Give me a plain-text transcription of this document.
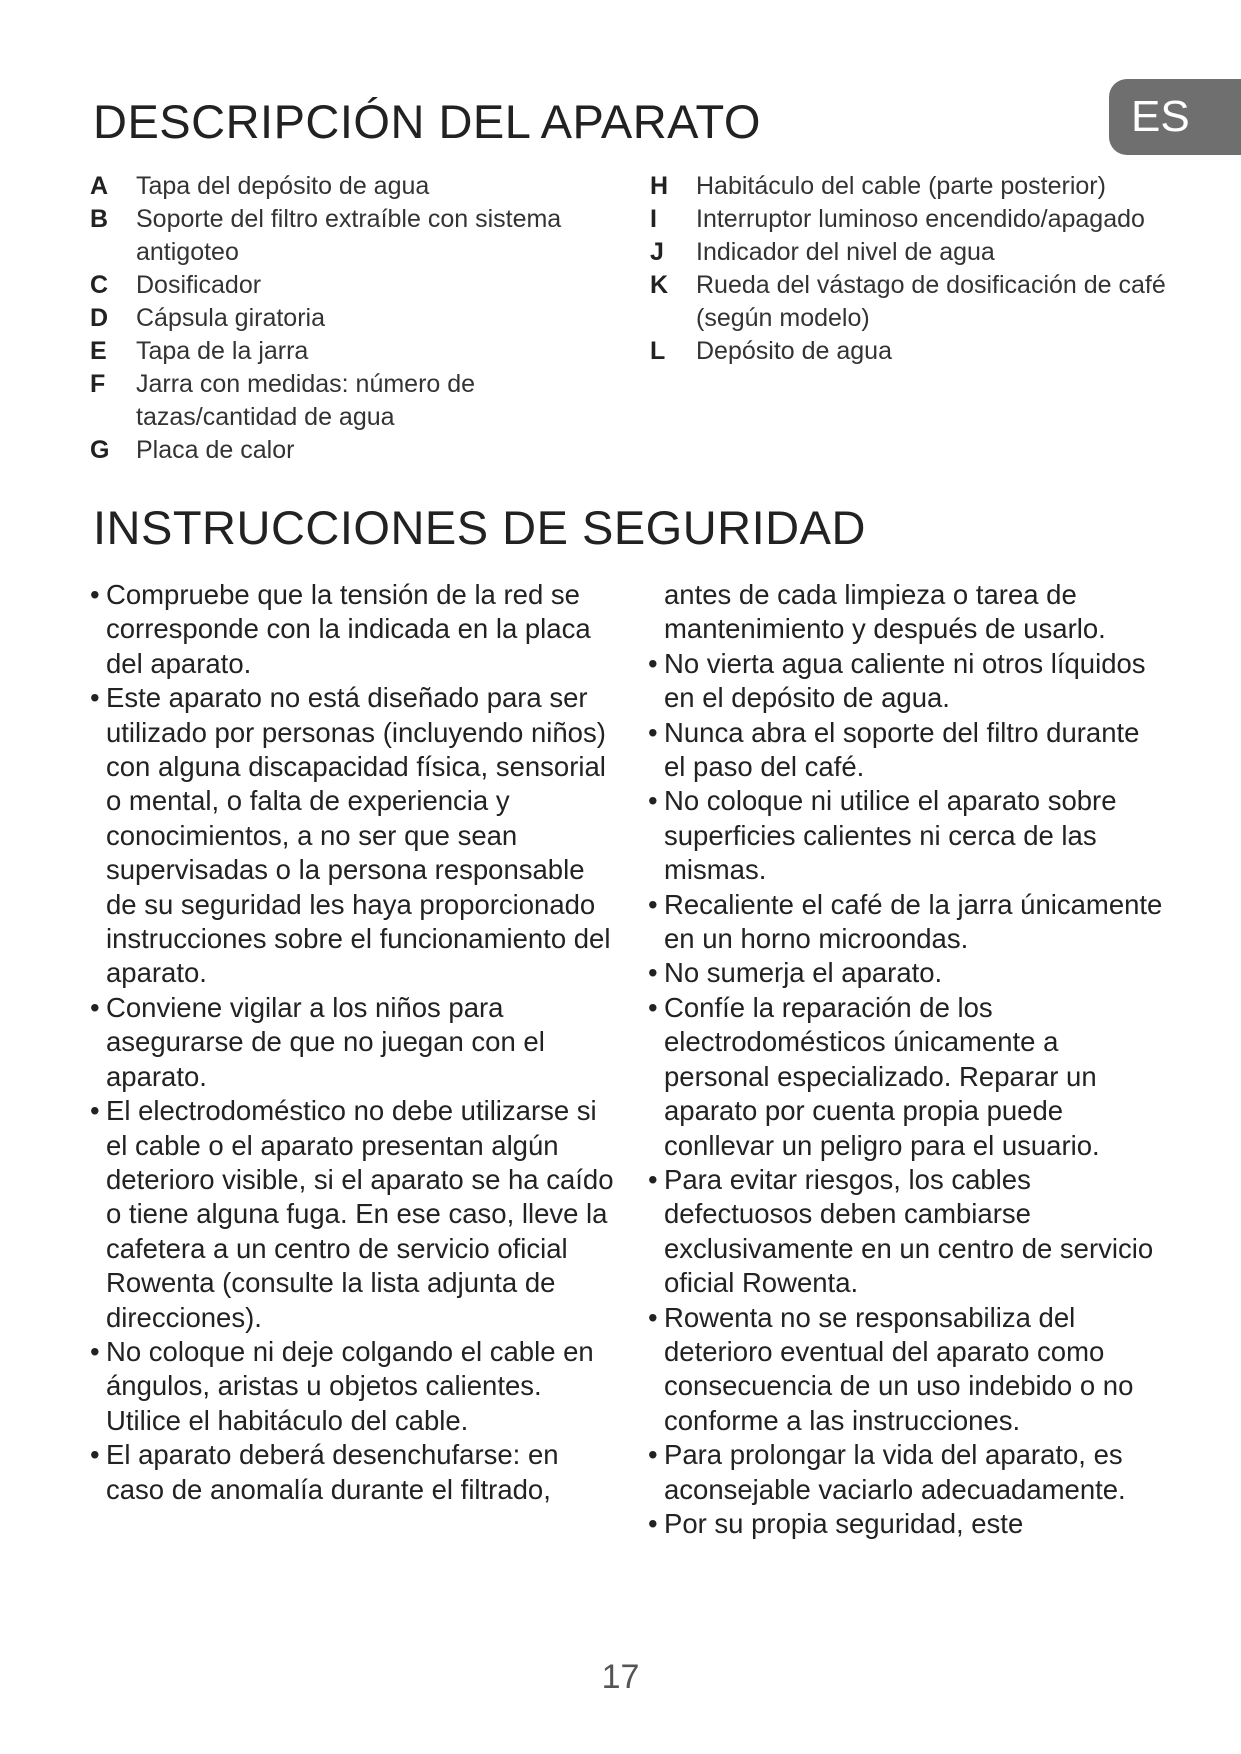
ES
DESCRIPCIÓN DEL APARATO
A	Tapa del depósito de agua
B	Soporte del filtro extraíble con sistema antigoteo
C	Dosificador
D	Cápsula giratoria
E	Tapa de la jarra
F	Jarra con medidas: número de tazas/cantidad de agua
G	Placa de calor
H	Habitáculo del cable (parte posterior)
I	Interruptor luminoso encendido/apagado
J	Indicador del nivel de agua
K	Rueda del vástago de dosificación de café (según modelo)
L	Depósito de agua
INSTRUCCIONES DE SEGURIDAD

• Compruebe que la tensión de la red se corresponde con la indicada en la placa del aparato.

• Este aparato no está diseñado para ser utilizado por personas (incluyendo niños) con alguna discapacidad física, sensorial o mental, o falta de experiencia y conocimientos, a no ser que sean supervisadas o la persona responsable de su seguridad les haya proporcionado instrucciones sobre el funcionamiento del aparato.

• Conviene vigilar a los niños para asegurarse de que no juegan con el aparato.

• El electrodoméstico no debe utilizarse si el cable o el aparato presentan algún deterioro visible, si el aparato se ha caído o tiene alguna fuga. En ese caso, lleve la cafetera a un centro de servicio oficial Rowenta (consulte la lista adjunta de direcciones).

• No coloque ni deje colgando el cable en ángulos, aristas u objetos calientes. Utilice el habitáculo del cable.

• El aparato deberá desenchufarse: en caso de anomalía durante el filtrado,

antes de cada limpieza o tarea de mantenimiento y después de usarlo.

• No vierta agua caliente ni otros líquidos en el depósito de agua.

• Nunca abra el soporte del filtro durante el paso del café.

• No coloque ni utilice el aparato sobre superficies calientes ni cerca de las mismas.

• Recaliente el café de la jarra únicamente en un horno microondas.

• No sumerja el aparato.

• Confíe la reparación de los electrodomésticos únicamente a personal especializado. Reparar un aparato por cuenta propia puede conllevar un peligro para el usuario.

• Para evitar riesgos, los cables defectuosos deben cambiarse exclusivamente en un centro de servicio oficial Rowenta.

• Rowenta no se responsabiliza del deterioro eventual del aparato como consecuencia de un uso indebido o no conforme a las instrucciones.

• Para prolongar la vida del aparato, es aconsejable vaciarlo adecuadamente.

• Por su propia seguridad, este

17
